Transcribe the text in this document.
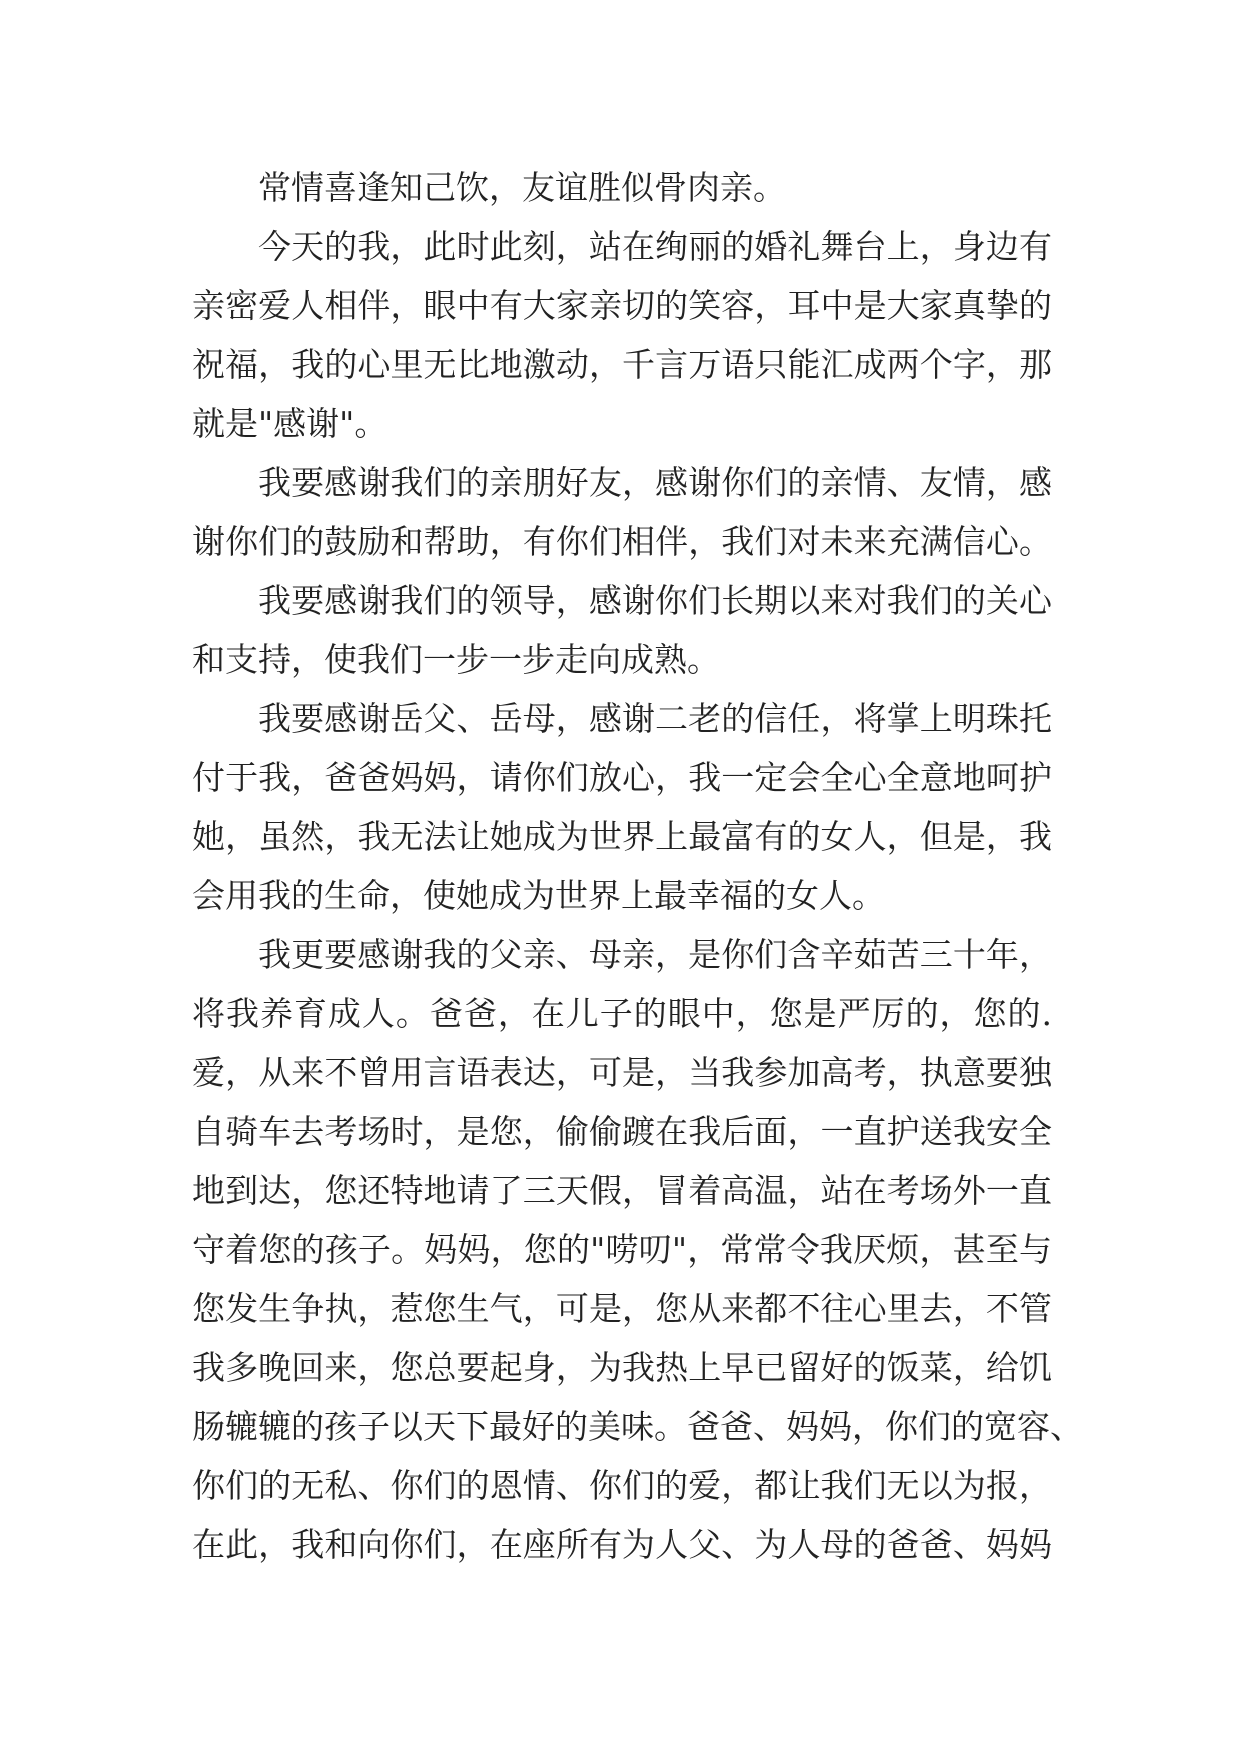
常情喜逢知己饮，友谊胜似骨肉亲。
今天的我，此时此刻，站在绚丽的婚礼舞台上，身边有
亲密爱人相伴，眼中有大家亲切的笑容，耳中是大家真挚的
祝福，我的心里无比地激动，千言万语只能汇成两个字，那
就是"感谢"。
我要感谢我们的亲朋好友，感谢你们的亲情、友情，感
谢你们的鼓励和帮助，有你们相伴，我们对未来充满信心。
我要感谢我们的领导，感谢你们长期以来对我们的关心
和支持，使我们一步一步走向成熟。
我要感谢岳父、岳母，感谢二老的信任，将掌上明珠托
付于我，爸爸妈妈，请你们放心，我一定会全心全意地呵护
她，虽然，我无法让她成为世界上最富有的女人，但是，我
会用我的生命，使她成为世界上最幸福的女人。
我更要感谢我的父亲、母亲，是你们含辛茹苦三十年，
将我养育成人。爸爸，在儿子的眼中，您是严厉的，您的.
爱，从来不曾用言语表达，可是，当我参加高考，执意要独
自骑车去考场时，是您，偷偷踱在我后面，一直护送我安全
地到达，您还特地请了三天假，冒着高温，站在考场外一直
守着您的孩子。妈妈，您的"唠叨"，常常令我厌烦，甚至与
您发生争执，惹您生气，可是，您从来都不往心里去，不管
我多晚回来，您总要起身，为我热上早已留好的饭菜，给饥
肠辘辘的孩子以天下最好的美味。爸爸、妈妈，你们的宽容、
你们的无私、你们的恩情、你们的爱，都让我们无以为报，
在此，我和向你们，在座所有为人父、为人母的爸爸、妈妈
